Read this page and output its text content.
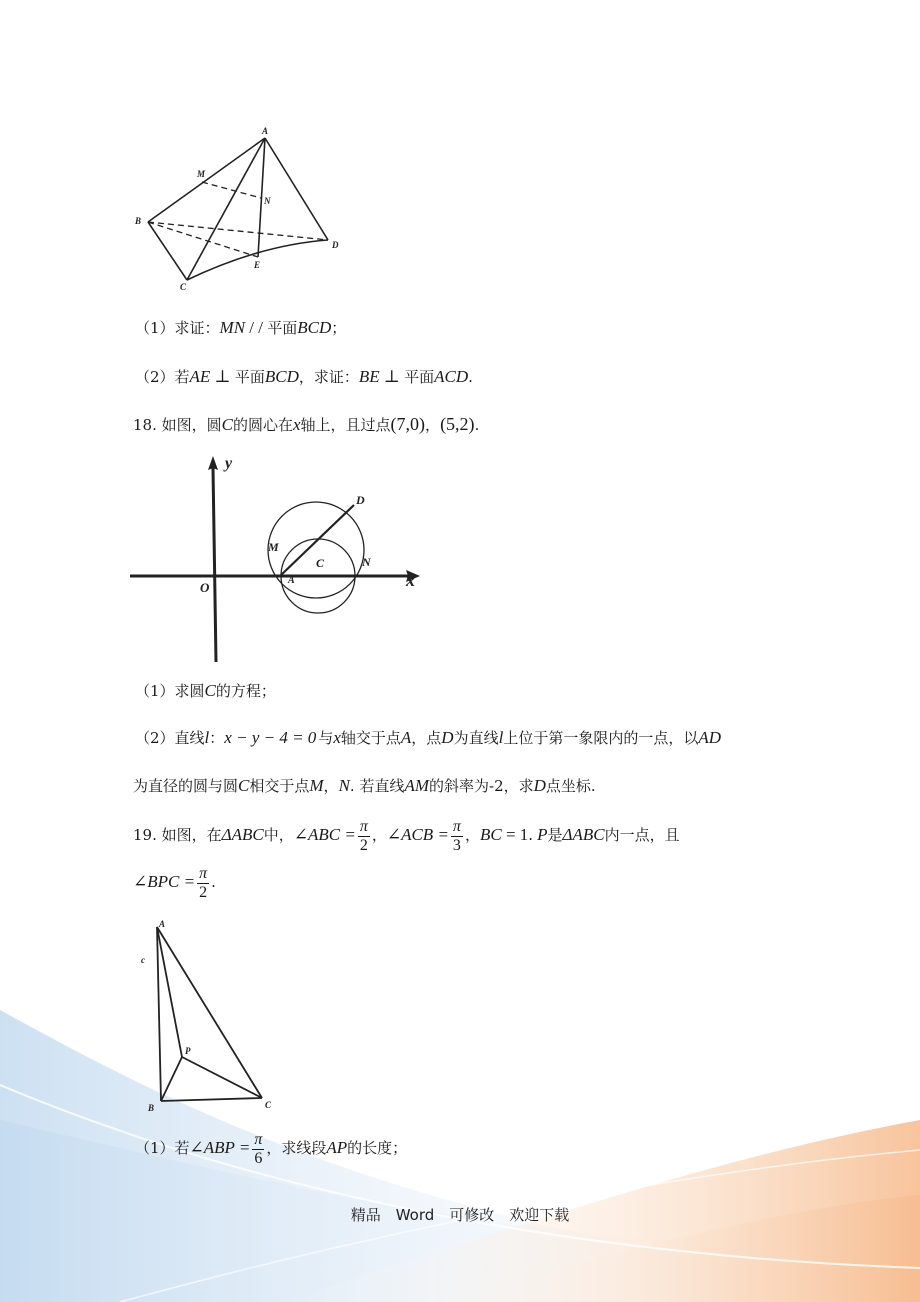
A
M
N
B
D
E
C
（1）求证：MN / / 平面BCD；
（2）若AE ⊥ 平面BCD，求证：BE ⊥ 平面ACD.
18. 如图，圆C的圆心在x轴上，且过点(7,0)，(5,2).
y
D
M
C	N
O	A	x
（1）求圆C的方程；
（2）直线l：x − y − 4 = 0 与x轴交于点A，点D为直线l上位于第一象限内的一点，以AD
为直径的圆与圆C相交于点M，N. 若直线AM的斜率为-2，求D点坐标.
19. 如图，在ΔABC中，∠ABC = $\frac{\pi}{2}$ ，∠ACB = $\frac{\pi}{3}$ ，BC = 1. P是ΔABC内一点，且
∠BPC = $\frac{\pi}{2}$ .
A
c
P
B	C
（1）若∠ABP = $\frac{\pi}{6}$ ，求线段AP的长度；
精品　Word　可修改　欢迎下载
